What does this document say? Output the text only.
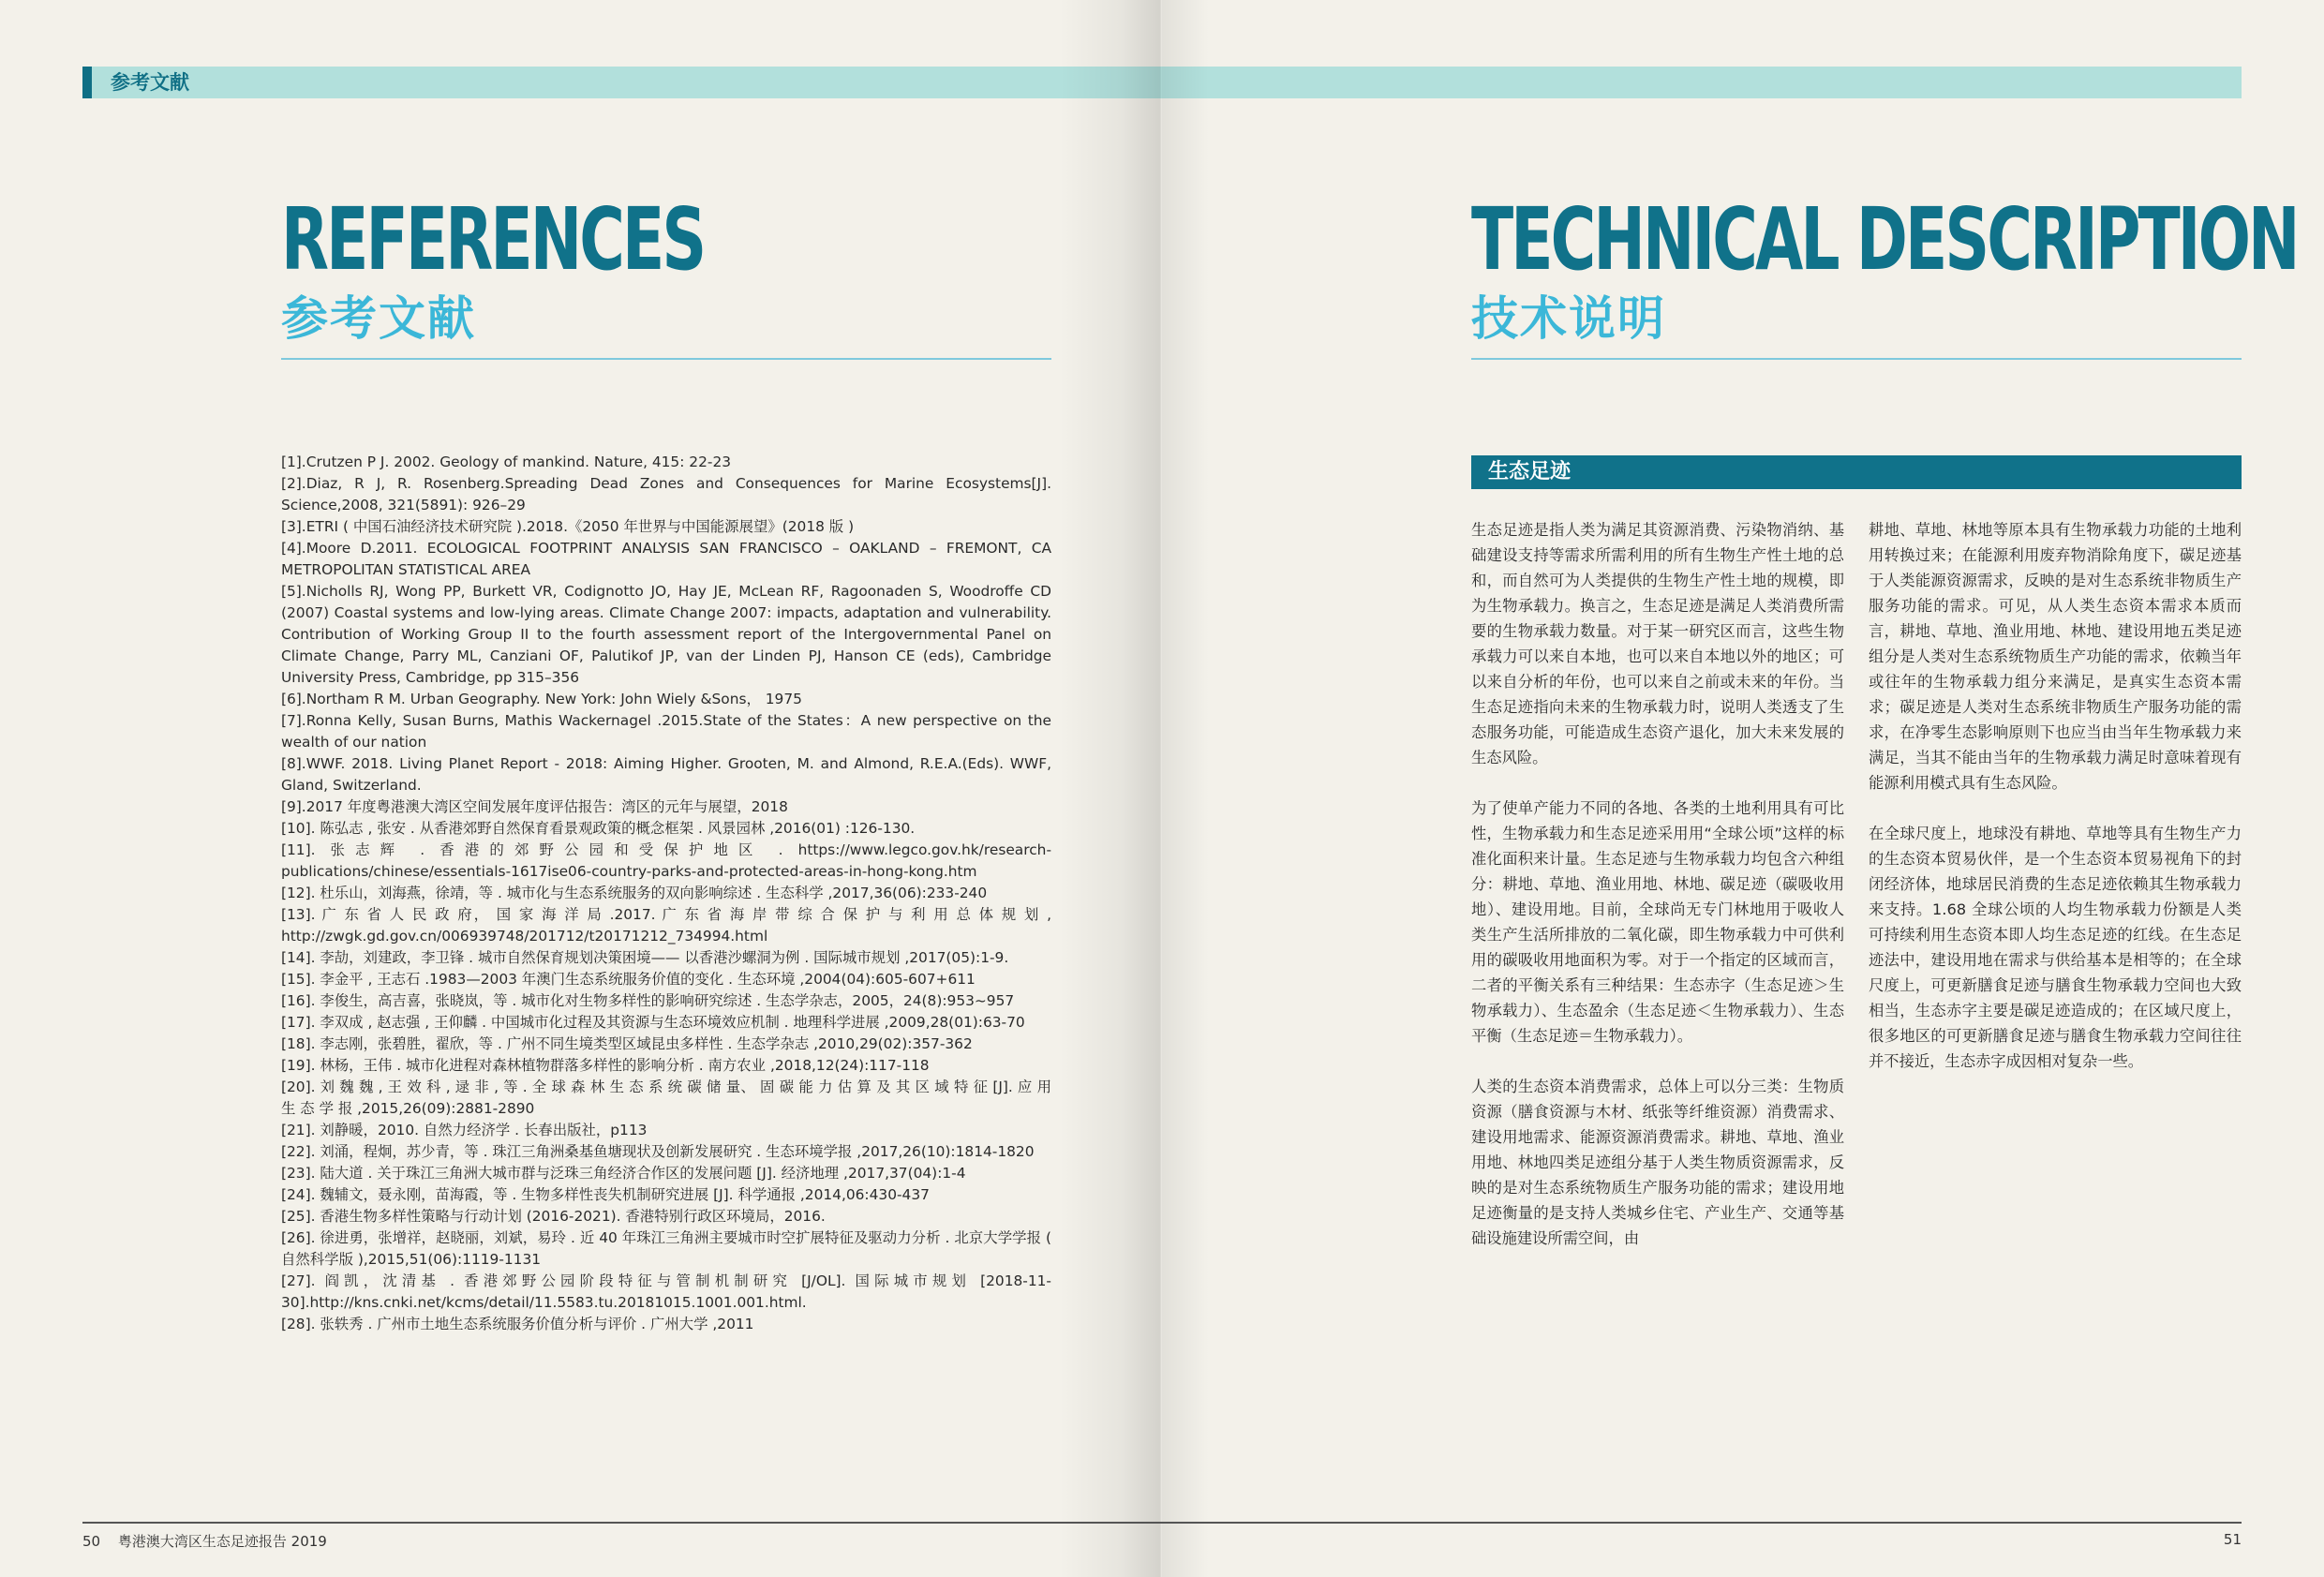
参考文献
REFERENCES
参考文献

[1].Crutzen P J. 2002. Geology of mankind. Nature, 415: 22-23

[2].Diaz, R J, R. Rosenberg.Spreading Dead Zones and Consequences for Marine Ecosystems[J]. Science,2008, 321(5891): 926–29

[3].ETRI ( 中国石油经济技术研究院 ).2018.《2050 年世界与中国能源展望》(2018 版 )

[4].Moore D.2011. ECOLOGICAL FOOTPRINT ANALYSIS SAN FRANCISCO – OAKLAND – FREMONT, CA METROPOLITAN STATISTICAL AREA

[5].Nicholls RJ, Wong PP, Burkett VR, Codignotto JO, Hay JE, McLean RF, Ragoonaden S, Woodroffe CD (2007) Coastal systems and low-lying areas. Climate Change 2007: impacts, adaptation and vulnerability. Contribution of Working Group II to the fourth assessment report of the Intergovernmental Panel on Climate Change, Parry ML, Canziani OF, Palutikof JP, van der Linden PJ, Hanson CE (eds), Cambridge University Press, Cambridge, pp 315–356

[6].Northam R M. Urban Geography. New York: John Wiely &Sons， 1975

[7].Ronna Kelly, Susan Burns, Mathis Wackernagel .2015.State of the States：A new perspective on the wealth of our nation

[8].WWF. 2018. Living Planet Report - 2018: Aiming Higher. Grooten, M. and Almond, R.E.A.(Eds). WWF, Gland, Switzerland.

[9].2017 年度粤港澳大湾区空间发展年度评估报告：湾区的元年与展望，2018

[10]. 陈弘志 , 张安 . 从香港郊野自然保育看景观政策的概念框架 . 风景园林 ,2016(01) :126-130.

[11]. 张志辉 . 香港的郊野公园和受保护地区 . https://www.legco.gov.hk/research-publications/chinese/essentials-1617ise06-country-parks-and-protected-areas-in-hong-kong.htm

[12]. 杜乐山，刘海燕，徐靖，等 . 城市化与生态系统服务的双向影响综述 . 生态科学 ,2017,36(06):233-240

[13]. 广 东 省 人 民 政 府， 国 家 海 洋 局 .2017. 广 东 省 海 岸 带 综 合 保 护 与 利 用 总 体 规 划 , http://zwgk.gd.gov.cn/006939748/201712/t20171212_734994.html

[14]. 李劼，刘建政，李卫锋 . 城市自然保育规划决策困境—— 以香港沙螺洞为例 . 国际城市规划 ,2017(05):1-9.

[15]. 李金平 , 王志石 .1983—2003 年澳门生态系统服务价值的变化 . 生态环境 ,2004(04):605-607+611

[16]. 李俊生，高吉喜，张晓岚，等 . 城市化对生物多样性的影响研究综述 . 生态学杂志，2005，24(8):953~957

[17]. 李双成 , 赵志强 , 王仰麟 . 中国城市化过程及其资源与生态环境效应机制 . 地理科学进展 ,2009,28(01):63-70

[18]. 李志刚，张碧胜，翟欣，等 . 广州不同生境类型区域昆虫多样性 . 生态学杂志 ,2010,29(02):357-362

[19]. 林杨，王伟 . 城市化进程对森林植物群落多样性的影响分析 . 南方农业 ,2018,12(24):117-118

[20]. 刘 魏 魏 , 王 效 科 , 逯 非 , 等 . 全 球 森 林 生 态 系 统 碳 储 量、 固 碳 能 力 估 算 及 其 区 域 特 征 [J]. 应 用 生 态 学 报 ,2015,26(09):2881-2890

[21]. 刘静暖，2010. 自然力经济学 . 长春出版社，p113

[22]. 刘涌，程炯，苏少青，等 . 珠江三角洲桑基鱼塘现状及创新发展研究 . 生态环境学报 ,2017,26(10):1814-1820

[23]. 陆大道 . 关于珠江三角洲大城市群与泛珠三角经济合作区的发展问题 [J]. 经济地理 ,2017,37(04):1-4

[24]. 魏辅文，聂永刚，苗海霞，等 . 生物多样性丧失机制研究进展 [J]. 科学通报 ,2014,06:430-437

[25]. 香港生物多样性策略与行动计划 (2016-2021). 香港特别行政区环境局，2016.

[26]. 徐进勇，张增祥，赵晓丽，刘斌，易玲 . 近 40 年珠江三角洲主要城市时空扩展特征及驱动力分析 . 北京大学学报 ( 自然科学版 ),2015,51(06):1119-1131

[27]. 阎凯，沈清基 . 香港郊野公园阶段特征与管制机制研究 [J/OL]. 国际城市规划 [2018-11-30].http://kns.cnki.net/kcms/detail/11.5583.tu.20181015.1001.001.html.

[28]. 张轶秀 . 广州市土地生态系统服务价值分析与评价 . 广州大学 ,2011

TECHNICAL DESCRIPTION
技术说明
生态足迹

生态足迹是指人类为满足其资源消费、污染物消纳、基础建设支持等需求所需利用的所有生物生产性土地的总和，而自然可为人类提供的生物生产性土地的规模，即为生物承载力。换言之，生态足迹是满足人类消费所需要的生物承载力数量。对于某一研究区而言，这些生物承载力可以来自本地，也可以来自本地以外的地区；可以来自分析的年份，也可以来自之前或未来的年份。当生态足迹指向未来的生物承载力时，说明人类透支了生态服务功能，可能造成生态资产退化，加大未来发展的生态风险。

为了使单产能力不同的各地、各类的土地利用具有可比性，生物承载力和生态足迹采用用“全球公顷”这样的标准化面积来计量。生态足迹与生物承载力均包含六种组分：耕地、草地、渔业用地、林地、碳足迹（碳吸收用地）、建设用地。目前，全球尚无专门林地用于吸收人类生产生活所排放的二氧化碳，即生物承载力中可供利用的碳吸收用地面积为零。对于一个指定的区域而言，二者的平衡关系有三种结果：生态赤字（生态足迹＞生物承载力）、生态盈余（生态足迹＜生物承载力）、生态平衡（生态足迹＝生物承载力）。

人类的生态资本消费需求，总体上可以分三类：生物质资源（膳食资源与木材、纸张等纤维资源）消费需求、建设用地需求、能源资源消费需求。耕地、草地、渔业用地、林地四类足迹组分基于人类生物质资源需求，反映的是对生态系统物质生产服务功能的需求；建设用地足迹衡量的是支持人类城乡住宅、产业生产、交通等基础设施建设所需空间，由

耕地、草地、林地等原本具有生物承载力功能的土地利用转换过来；在能源利用废弃物消除角度下，碳足迹基于人类能源资源需求，反映的是对生态系统非物质生产服务功能的需求。可见，从人类生态资本需求本质而言，耕地、草地、渔业用地、林地、建设用地五类足迹组分是人类对生态系统物质生产功能的需求，依赖当年或往年的生物承载力组分来满足，是真实生态资本需求；碳足迹是人类对生态系统非物质生产服务功能的需求，在净零生态影响原则下也应当由当年生物承载力来满足，当其不能由当年的生物承载力满足时意味着现有能源利用模式具有生态风险。

在全球尺度上，地球没有耕地、草地等具有生物生产力的生态资本贸易伙伴，是一个生态资本贸易视角下的封闭经济体，地球居民消费的生态足迹依赖其生物承载力来支持。1.68 全球公顷的人均生物承载力份额是人类可持续利用生态资本即人均生态足迹的红线。在生态足迹法中，建设用地在需求与供给基本是相等的；在全球尺度上，可更新膳食足迹与膳食生物承载力空间也大致相当，生态赤字主要是碳足迹造成的；在区域尺度上，很多地区的可更新膳食足迹与膳食生物承载力空间往往并不接近，生态赤字成因相对复杂一些。

50 粤港澳大湾区生态足迹报告 2019	51
